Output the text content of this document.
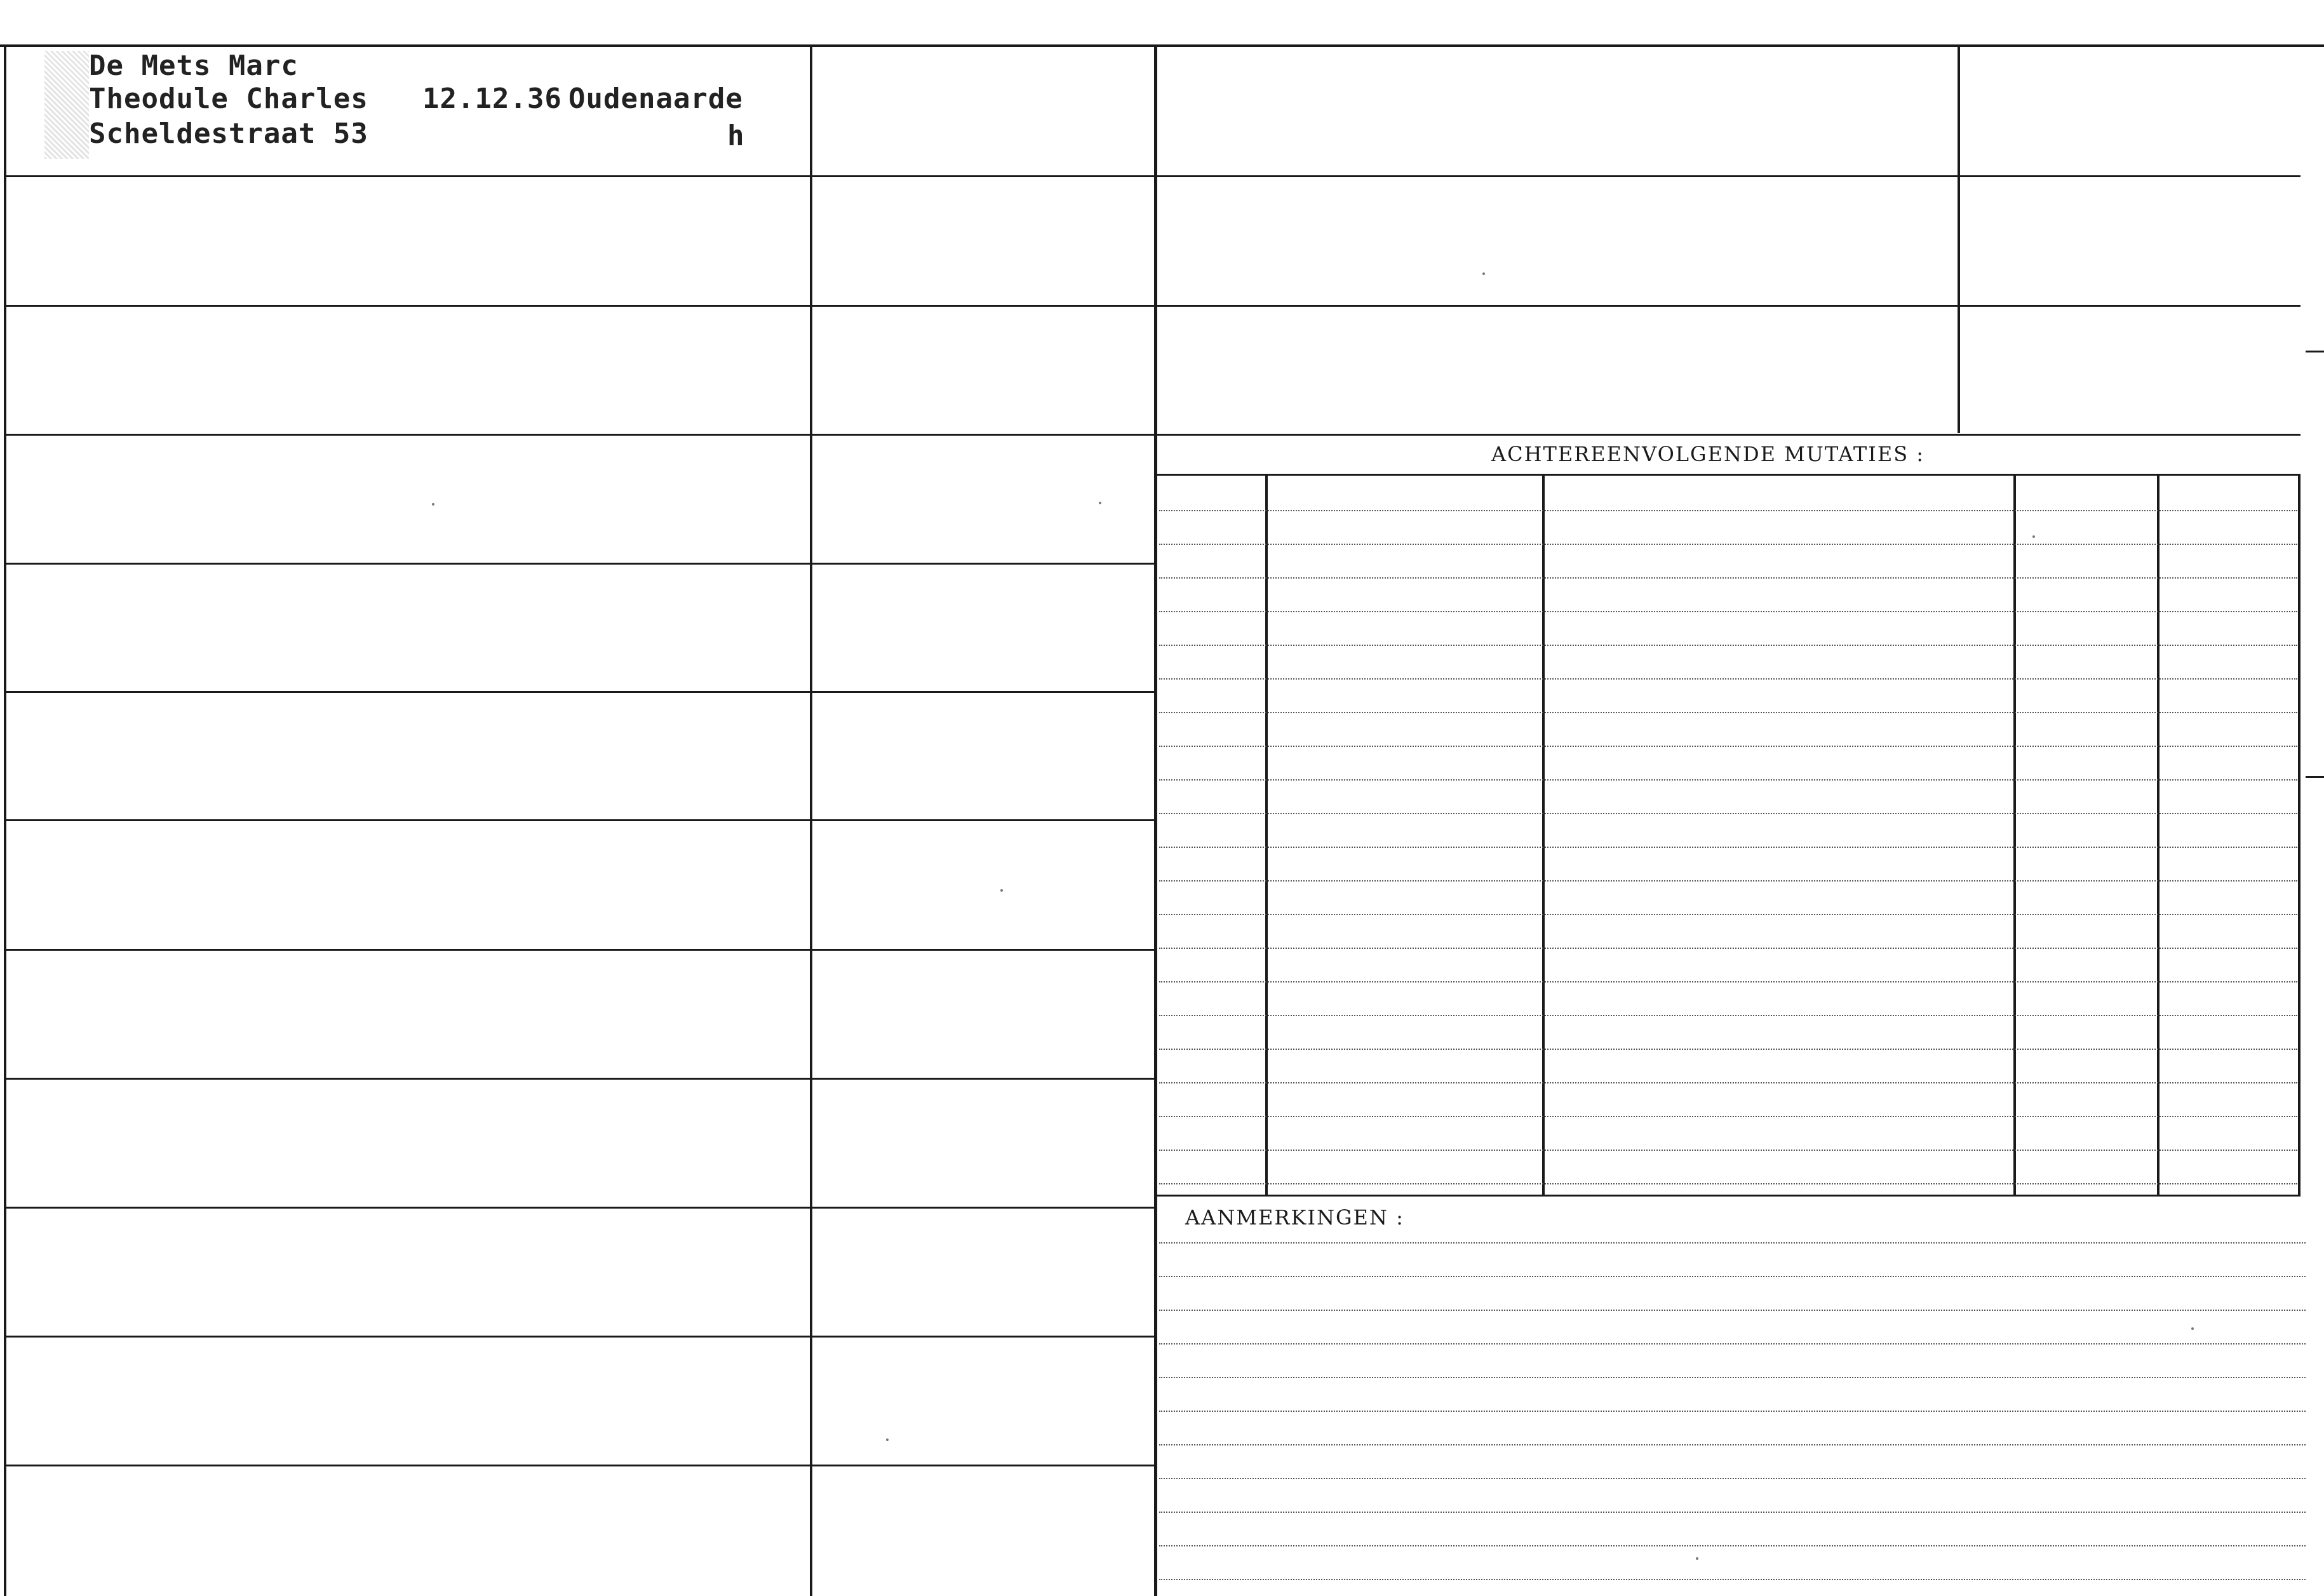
De Mets Marc
Theodule Charles 12.12.36 Oudenaarde
Scheldestraat 53	h
ACHTEREENVOLGENDE MUTATIES :
AANMERKINGEN :
